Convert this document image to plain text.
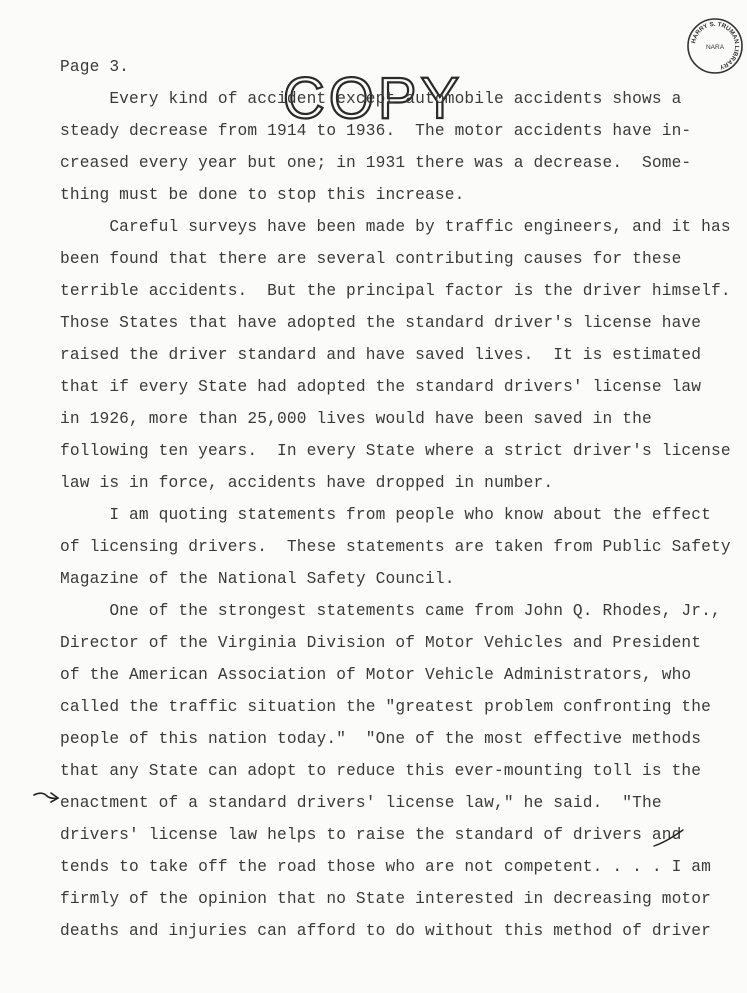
HARRY S. TRUMAN LIBRARY
NARA
Page 3.	COPY

Every kind of accident except automobile accidents shows a

steady decrease from 1914 to 1936.  The motor accidents have in-

creased every year but one; in 1931 there was a decrease.  Some-

thing must be done to stop this increase.

Careful surveys have been made by traffic engineers, and it has

been found that there are several contributing causes for these

terrible accidents.  But the principal factor is the driver himself.

Those States that have adopted the standard driver's license have

raised the driver standard and have saved lives.  It is estimated

that if every State had adopted the standard drivers' license law

in 1926, more than 25,000 lives would have been saved in the

following ten years.  In every State where a strict driver's license

law is in force, accidents have dropped in number.

I am quoting statements from people who know about the effect

of licensing drivers.  These statements are taken from Public Safety

Magazine of the National Safety Council.

One of the strongest statements came from John Q. Rhodes, Jr.,

Director of the Virginia Division of Motor Vehicles and President

of the American Association of Motor Vehicle Administrators, who

called the traffic situation the "greatest problem confronting the

people of this nation today."  "One of the most effective methods

that any State can adopt to reduce this ever-mounting toll is the

enactment of a standard drivers' license law," he said.  "The

drivers' license law helps to raise the standard of drivers and

tends to take off the road those who are not competent. . . . I am

firmly of the opinion that no State interested in decreasing motor

deaths and injuries can afford to do without this method of driver
